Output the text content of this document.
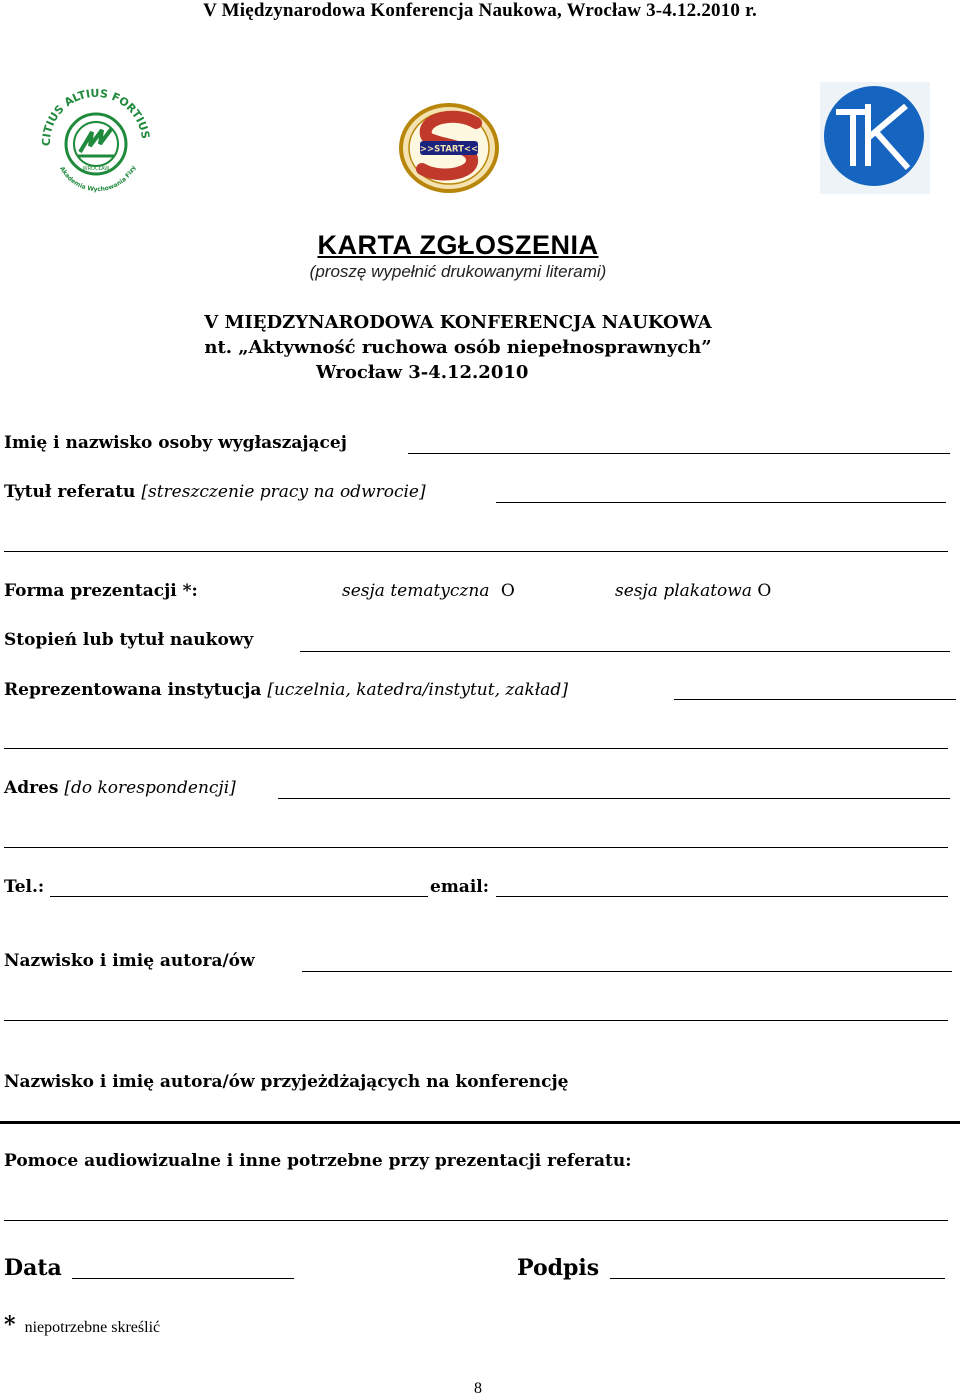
V Międzynarodowa Konferencja Naukowa, Wrocław 3-4.12.2010 r.
CITIUS ALTIUS FORTIUS
Akademia Wychowania Fizy
WROCŁAW
>>START<<
KARTA ZGŁOSZENIA
(proszę wypełnić drukowanymi literami)
V MIĘDZYNARODOWA KONFERENCJA NAUKOWA
nt. „Aktywność ruchowa osób niepełnosprawnych”
Wrocław 3-4.12.2010
Imię i nazwisko osoby wygłaszającej
Tytuł referatu [streszczenie pracy na odwrocie]
Forma prezentacji *:	sesja tematyczna O	sesja plakatowa O
Stopień lub tytuł naukowy
Reprezentowana instytucja [uczelnia, katedra/instytut, zakład]
Adres [do korespondencji]
Tel.:	email:
Nazwisko i imię autora/ów
Nazwisko i imię autora/ów przyjeżdżających na konferencję
Pomoce audiowizualne i inne potrzebne przy prezentacji referatu:
Data	Podpis
* niepotrzebne skreślić
8
